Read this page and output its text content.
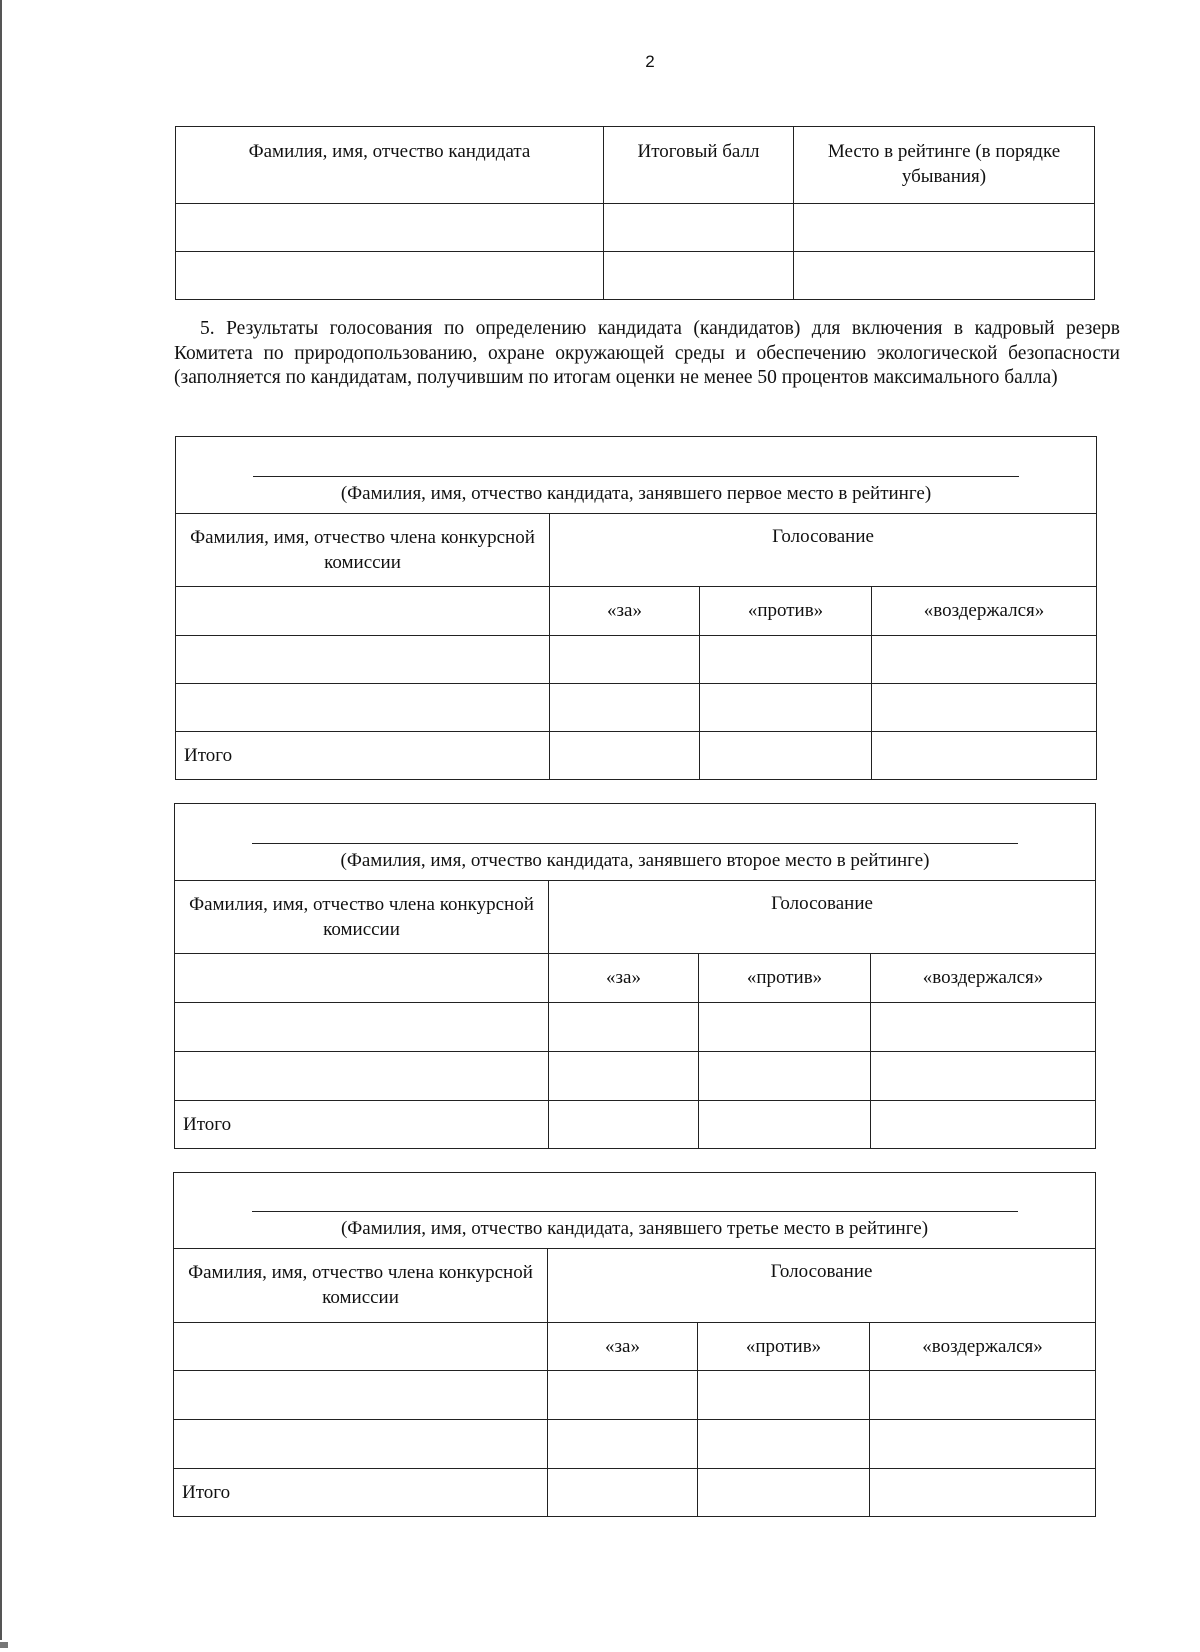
2
Фамилия, имя, отчество кандидата	Итоговый балл	Место в рейтинге (в порядке убывания)

5. Результаты голосования по определению кандидата (кандидатов) для включения в кадровый резерв Комитета по природопользованию, охране окружающей среды и обеспечению экологической безопасности (заполняется по кандидатам, получившим по итогам оценки не менее 50 процентов максимального балла)
(Фамилия, имя, отчество кандидата, занявшего первое место в рейтинге)			

Фамилия, имя, отчество члена конкурсной комиссии	Голосование		
	«за»	«против»	«воздержался»

Итого			
(Фамилия, имя, отчество кандидата, занявшего второе место в рейтинге)			

Фамилия, имя, отчество члена конкурсной комиссии	Голосование		
	«за»	«против»	«воздержался»

Итого			
(Фамилия, имя, отчество кандидата, занявшего третье место в рейтинге)			

Фамилия, имя, отчество члена конкурсной комиссии	Голосование		
	«за»	«против»	«воздержался»

Итого			
